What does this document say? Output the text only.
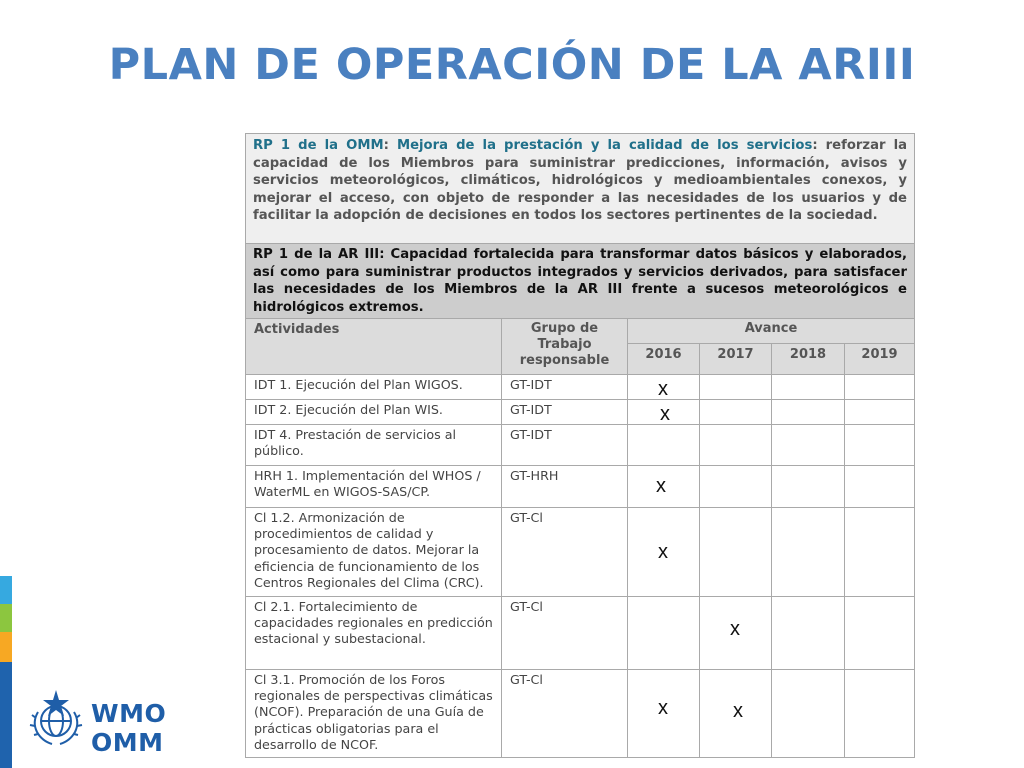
PLAN DE OPERACIÓN DE LA ARIII
WMO OMM
RP 1 de la OMM: Mejora de la prestación y la calidad de los servicios: reforzar la capacidad de los Miembros para suministrar predicciones, información, avisos y servicios meteorológicos, climáticos, hidrológicos y medioambientales conexos, y mejorar el acceso, con objeto de responder a las necesidades de los usuarios y de facilitar la adopción de decisiones en todos los sectores pertinentes de la sociedad.					
RP 1 de la AR III: Capacidad fortalecida para transformar datos básicos y elaborados, así como para suministrar productos integrados y servicios derivados, para satisfacer las necesidades de los Miembros de la AR III frente a sucesos meteorológicos e hidrológicos extremos.					
Actividades	Grupo de Trabajo responsable	Avance			
		2016	2017	2018	2019
IDT 1. Ejecución del Plan WIGOS.	GT-IDT	x			

IDT 2. Ejecución del Plan WIS.	GT-IDT	x			

IDT 4. Prestación de servicios al público.	GT-IDT	

HRH 1. Implementación del WHOS / WaterML en WIGOS-SAS/CP.	GT-HRH	x			

Cl 1.2. Armonización de procedimientos de calidad y procesamiento de datos. Mejorar la eficiencia de funcionamiento de los Centros Regionales del Clima (CRC).	GT-Cl	x			

Cl 2.1. Fortalecimiento de capacidades regionales en predicción estacional y subestacional.	GT-Cl		x		

Cl 3.1. Promoción de los Foros regionales de perspectivas climáticas (NCOF). Preparación de una Guía de prácticas obligatorias para el desarrollo de NCOF.	GT-Cl	x	x		
